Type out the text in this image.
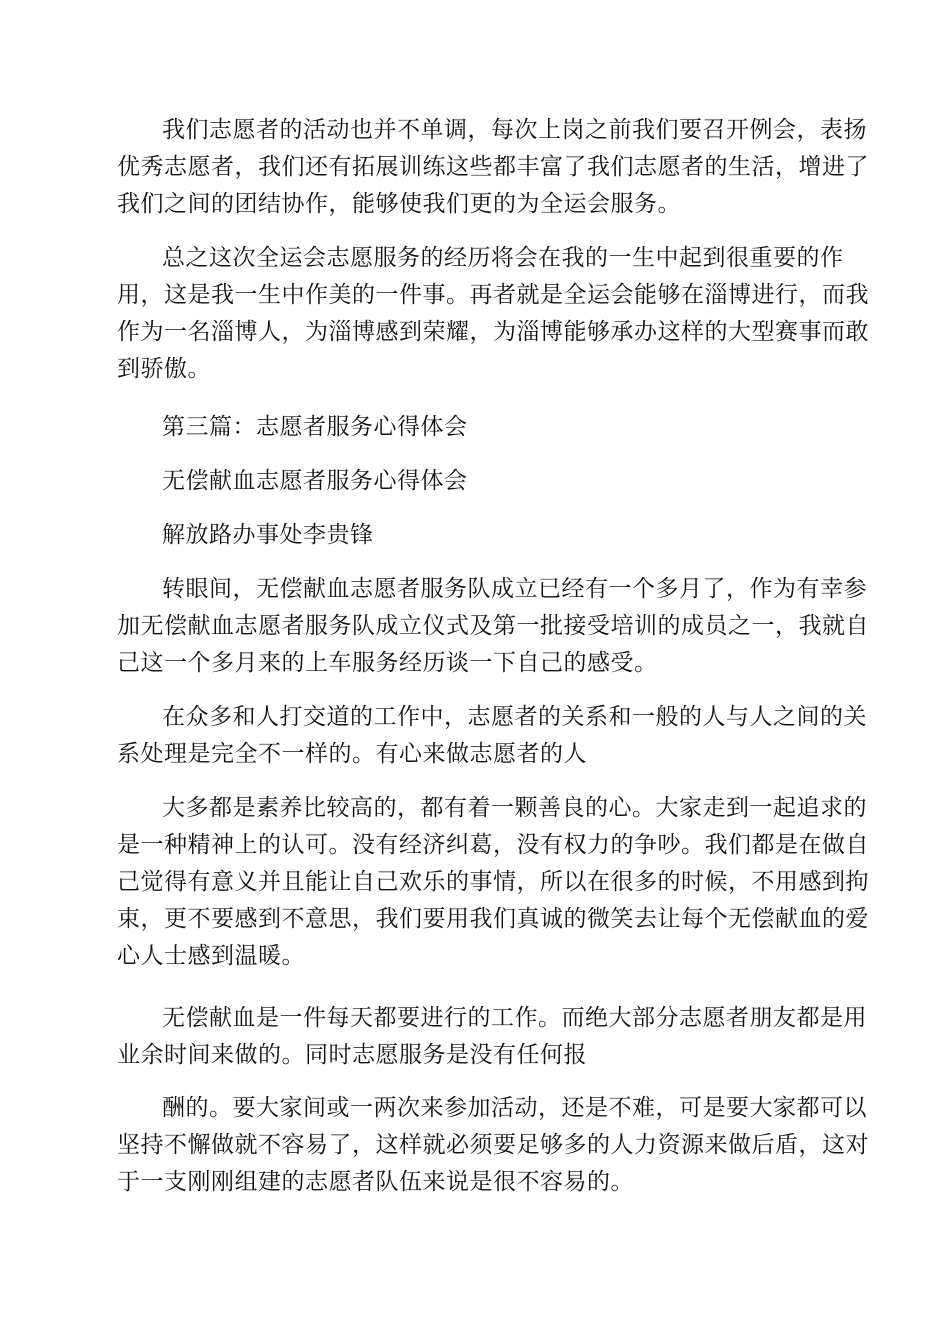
我们志愿者的活动也并不单调，每次上岗之前我们要召开例会，表扬
优秀志愿者，我们还有拓展训练这些都丰富了我们志愿者的生活，增进了
我们之间的团结协作，能够使我们更的为全运会服务。

总之这次全运会志愿服务的经历将会在我的一生中起到很重要的作
用，这是我一生中作美的一件事。再者就是全运会能够在淄博进行，而我
作为一名淄博人，为淄博感到荣耀，为淄博能够承办这样的大型赛事而敢
到骄傲。

第三篇：志愿者服务心得体会

无偿献血志愿者服务心得体会

解放路办事处李贵锋

转眼间，无偿献血志愿者服务队成立已经有一个多月了，作为有幸参
加无偿献血志愿者服务队成立仪式及第一批接受培训的成员之一，我就自
己这一个多月来的上车服务经历谈一下自己的感受。

在众多和人打交道的工作中，志愿者的关系和一般的人与人之间的关
系处理是完全不一样的。有心来做志愿者的人

大多都是素养比较高的，都有着一颗善良的心。大家走到一起追求的
是一种精神上的认可。没有经济纠葛，没有权力的争吵。我们都是在做自
己觉得有意义并且能让自己欢乐的事情，所以在很多的时候，不用感到拘
束，更不要感到不意思，我们要用我们真诚的微笑去让每个无偿献血的爱
心人士感到温暖。

无偿献血是一件每天都要进行的工作。而绝大部分志愿者朋友都是用
业余时间来做的。同时志愿服务是没有任何报

酬的。要大家间或一两次来参加活动，还是不难，可是要大家都可以
坚持不懈做就不容易了，这样就必须要足够多的人力资源来做后盾，这对
于一支刚刚组建的志愿者队伍来说是很不容易的。
